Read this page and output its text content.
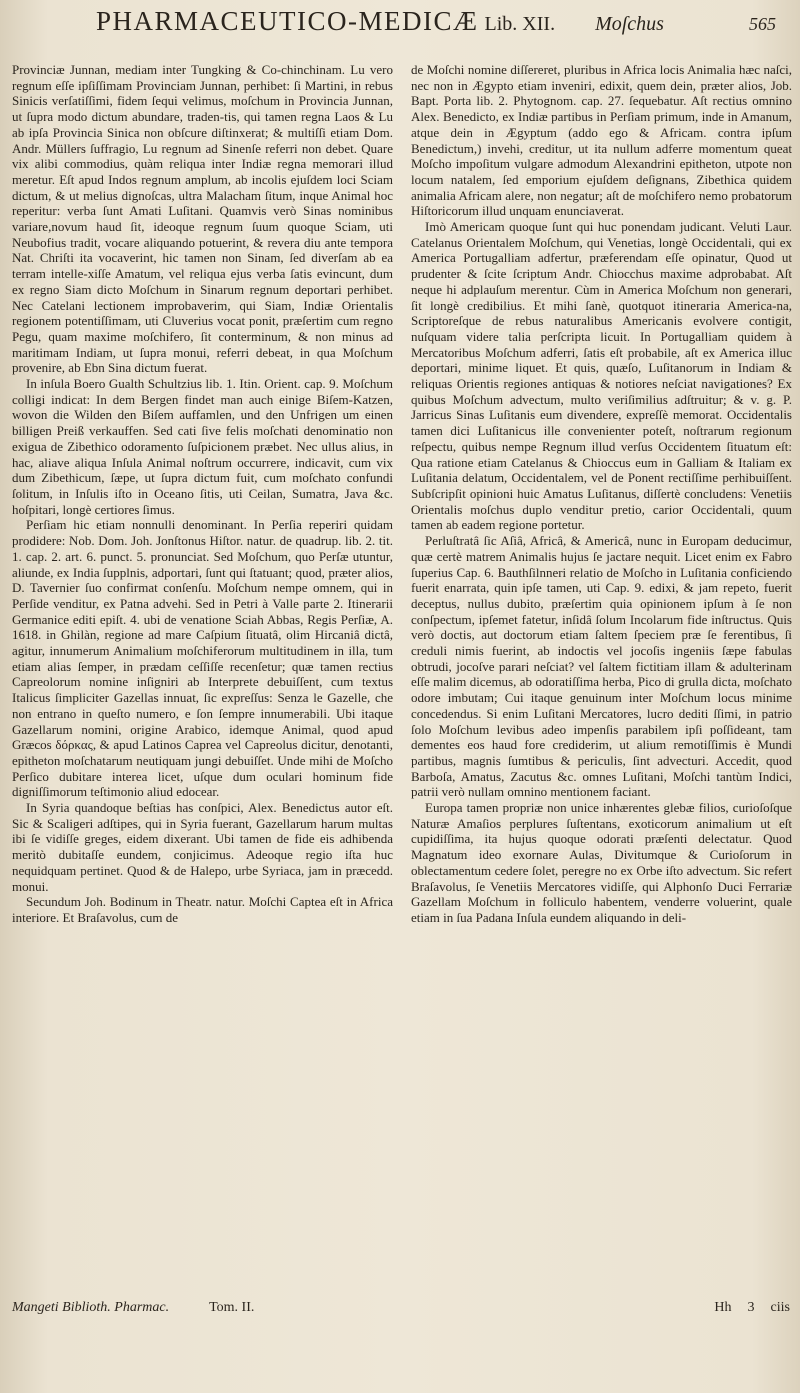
PHARMACEUTICO-MEDICÆ Lib. XII. Moſchus	565

Provinciæ Junnan, mediam inter Tungking & Co-chinchinam. Lu vero regnum eſſe ipſiſſimam Provinciam Junnan, perhibet: ſi Martini, in rebus Sinicis verſatiſſimi, fidem ſequi velimus, moſchum in Provincia Junnan, ut ſupra modo dictum abundare, traden-tis, qui tamen regna Laos & Lu ab ipſa Provincia Sinica non obſcure diſtinxerat; & multiſſi etiam Dom. Andr. Müllers ſuffragio, Lu regnum ad Sinenſe referri non debet. Quare vix alibi commodius, quàm reliqua inter Indiæ regna memorari illud meretur. Eſt apud Indos regnum amplum, ab incolis ejuſdem loci Sciam dictum, & ut melius dignoſcas, ultra Malacham ſitum, inque Animal hoc reperitur: verba ſunt Amati Luſitani. Quamvis verò Sinas nominibus variare,novum haud ſit, ideoque regnum ſuum quoque Sciam, uti Neubofius tradit, vocare aliquando potuerint, & revera diu ante tempora Nat. Chriſti ita vocaverint, hic tamen non Sinam, ſed diverſam ab ea terram intelle-xiſſe Amatum, vel reliqua ejus verba ſatis evincunt, dum ex regno Siam dicto Moſchum in Sinarum regnum deportari perhibet. Nec Catelani lectionem improbaverim, qui Siam, Indiæ Orientalis regionem potentiſſimam, uti Cluverius vocat ponit, præſertim cum regno Pegu, quam maxime moſchifero, ſit conterminum, & non minus ad maritimam Indiam, ut ſupra monui, referri debeat, in qua Moſchum provenire, ab Ebn Sina dictum fuerat.

In inſula Boero Gualth Schultzius lib. 1. Itin. Orient. cap. 9. Moſchum colligi indicat: In dem Bergen findet man auch einige Biſem-Katzen, wovon die Wilden den Biſem auffamlen, und den Unfrigen um einen billigen Preiß verkauffen. Sed cati ſive felis moſchati denominatio non exigua de Zibethico odoramento ſuſpicionem præbet. Nec ullus alius, in hac, aliave aliqua Inſula Animal noſtrum occurrere, indicavit, cum vix dum Zibethicum, ſæpe, ut ſupra dictum fuit, cum moſchato confundi ſolitum, in Inſulis iſto in Oceano ſitis, uti Ceilan, Sumatra, Java &c. hoſpitari, longè certiores ſimus.

Perſiam hic etiam nonnulli denominant. In Perſia reperiri quidam prodidere: Nob. Dom. Joh. Jonſtonus Hiſtor. natur. de quadrup. lib. 2. tit. 1. cap. 2. art. 6. punct. 5. pronunciat. Sed Moſchum, quo Perſæ utuntur, aliunde, ex India ſupplnis, adportari, ſunt qui ſtatuant; quod, præter alios, D. Tavernier ſuo confirmat conſenſu. Moſchum nempe omnem, qui in Perſide venditur, ex Patna advehi. Sed in Petri à Valle parte 2. Itinerarii Germanice editi epiſt. 4. ubi de venatione Sciah Abbas, Regis Perſiæ, A. 1618. in Ghilàn, regione ad mare Caſpium ſituatâ, olim Hircaniâ dictâ, agitur, innumerum Animalium moſchiferorum multitudinem in illa, tum etiam alias ſemper, in prædam ceſſiſſe recenſetur; quæ tamen rectius Capreolorum nomine inſigniri ab Interprete debuiſſent, cum textus Italicus ſimpliciter Gazellas innuat, ſic expreſſus: Senza le Gazelle, che non entrano in queſto numero, e ſon ſempre innumerabili. Ubi itaque Gazellarum nomini, origine Arabico, idemque Animal, quod apud Græcos δόρκας, & apud Latinos Caprea vel Capreolus dicitur, denotanti, epitheton moſchatarum neutiquam jungi debuiſſet. Unde mihi de Moſcho Perſico dubitare interea licet, uſque dum oculari hominum fide digniſſimorum teſtimonio aliud edocear.

In Syria quandoque beſtias has conſpici, Alex. Benedictus autor eſt. Sic & Scaligeri adſtipes, qui in Syria fuerant, Gazellarum harum multas ibi ſe vidiſſe greges, eidem dixerant. Ubi tamen de fide eis adhibenda meritò dubitaſſe eundem, conjicimus. Adeoque regio iſta huc nequidquam pertinet. Quod & de Halepo, urbe Syriaca, jam in præcedd. monui.

Secundum Joh. Bodinum in Theatr. natur. Moſchi Captea eſt in Africa interiore. Et Braſavolus, cum de

de Moſchi nomine diſſereret, pluribus in Africa locis Animalia hæc naſci, nec non in Ægypto etiam inveniri, edixit, quem dein, præter alios, Job. Bapt. Porta lib. 2. Phytognom. cap. 27. ſequebatur. Aſt rectius omnino Alex. Benedicto, ex Indiæ partibus in Perſiam primum, inde in Amanum, atque dein in Ægyptum (addo ego & Africam. contra ipſum Benedictum,) invehi, creditur, ut ita nullum adferre momentum queat Moſcho impoſitum vulgare admodum Alexandrini epitheton, utpote non locum natalem, ſed emporium ejuſdem deſignans, Zibethica quidem animalia Africam alere, non negatur; aſt de moſchifero nemo probatorum Hiſtoricorum illud unquam enunciaverat.

Imò Americam quoque ſunt qui huc ponendam judicant. Veluti Laur. Catelanus Orientalem Moſchum, qui Venetias, longè Occidentali, qui ex America Portugalliam adfertur, præferendam eſſe opinatur, Quod ut prudenter & ſcite ſcriptum Andr. Chiocchus maxime adprobabat. Aſt neque hi adplauſum merentur. Cùm in America Moſchum non generari, ſit longè credibilius. Et mihi ſanè, quotquot itineraria America-na, Scriptoreſque de rebus naturalibus Americanis evolvere contigit, nuſquam videre talia perſcripta licuit. In Portugalliam quidem à Mercatoribus Moſchum adferri, ſatis eſt probabile, aſt ex America illuc deportari, minime liquet. Et quis, quæſo, Luſitanorum in Indiam & reliquas Orientis regiones antiquas & notiores neſciat navigationes? Ex quibus Moſchum advectum, multo veriſimilius adſtruitur; & v. g. P. Jarricus Sinas Luſitanis eum divendere, expreſſè memorat. Occidentalis tamen dici Luſitanicus ille convenienter poteſt, noſtrarum regionum reſpectu, quibus nempe Regnum illud verſus Occidentem ſituatum eſt: Qua ratione etiam Catelanus & Chioccus eum in Galliam & Italiam ex Luſitania delatum, Occidentalem, vel de Ponent rectiſſime perhibuiſſent. Subſcripſit opinioni huic Amatus Luſitanus, diſſertè concludens: Venetiis Orientalis moſchus duplo venditur pretio, carior Occidentali, quum tamen ab eadem regione portetur.

Perluſtratâ ſic Aſiâ, Africâ, & Americâ, nunc in Europam deducimur, quæ certè matrem Animalis hujus ſe jactare nequit. Licet enim ex Fabro ſuperius Cap. 6. Bauthſilnneri relatio de Moſcho in Luſitania conficiendo fuerit enarrata, quin ipſe tamen, uti Cap. 9. edixi, & jam repeto, fuerit deceptus, nullus dubito, præſertim quia opinionem ipſum à ſe non conſpectum, ipſemet fatetur, inſidâ ſolum Incolarum fide inſtructus. Quis verò doctis, aut doctorum etiam ſaltem ſpeciem præ ſe ferentibus, ſi creduli nimis fuerint, ab indoctis vel jocoſis ingeniis ſæpe fabulas obtrudi, jocoſve parari neſciat? vel ſaltem fictitiam illam & adulterinam eſſe malim dicemus, ab odoratiſſima herba, Pico di grulla dicta, moſchato odore imbutam; Cui itaque genuinum inter Moſchum locus minime concedendus. Si enim Luſitani Mercatores, lucro dediti ſſimi, in patrio ſolo Moſchum levibus adeo impenſis parabilem ipſi poſſideant, tam dementes eos haud fore crediderim, ut alium remotiſſimis è Mundi partibus, magnis ſumtibus & periculis, ſint advecturi. Accedit, quod Barboſa, Amatus, Zacutus &c. omnes Luſitani, Moſchi tantùm Indici, patrii verò nullam omnino mentionem faciant.

Europa tamen propriæ non unice inhærentes glebæ filios, curioſoſque Naturæ Amaſios perplures ſuſtentans, exoticorum animalium ut eſt cupidiſſima, ita hujus quoque odorati præſenti delectatur. Quod Magnatum ideo exornare Aulas, Divitumque & Curioſorum in oblectamentum cedere ſolet, peregre no ex Orbe iſto advectum. Sic refert Braſavolus, ſe Venetiis Mercatores vidiſſe, qui Alphonſo Duci Ferrariæ Gazellam Moſchum in folliculo habentem, venderre voluerint, quale etiam in ſua Padana Inſula eundem aliquando in deli-

Mangeti Biblioth. Pharmac.	Tom. II.	Hh 3 ciis
